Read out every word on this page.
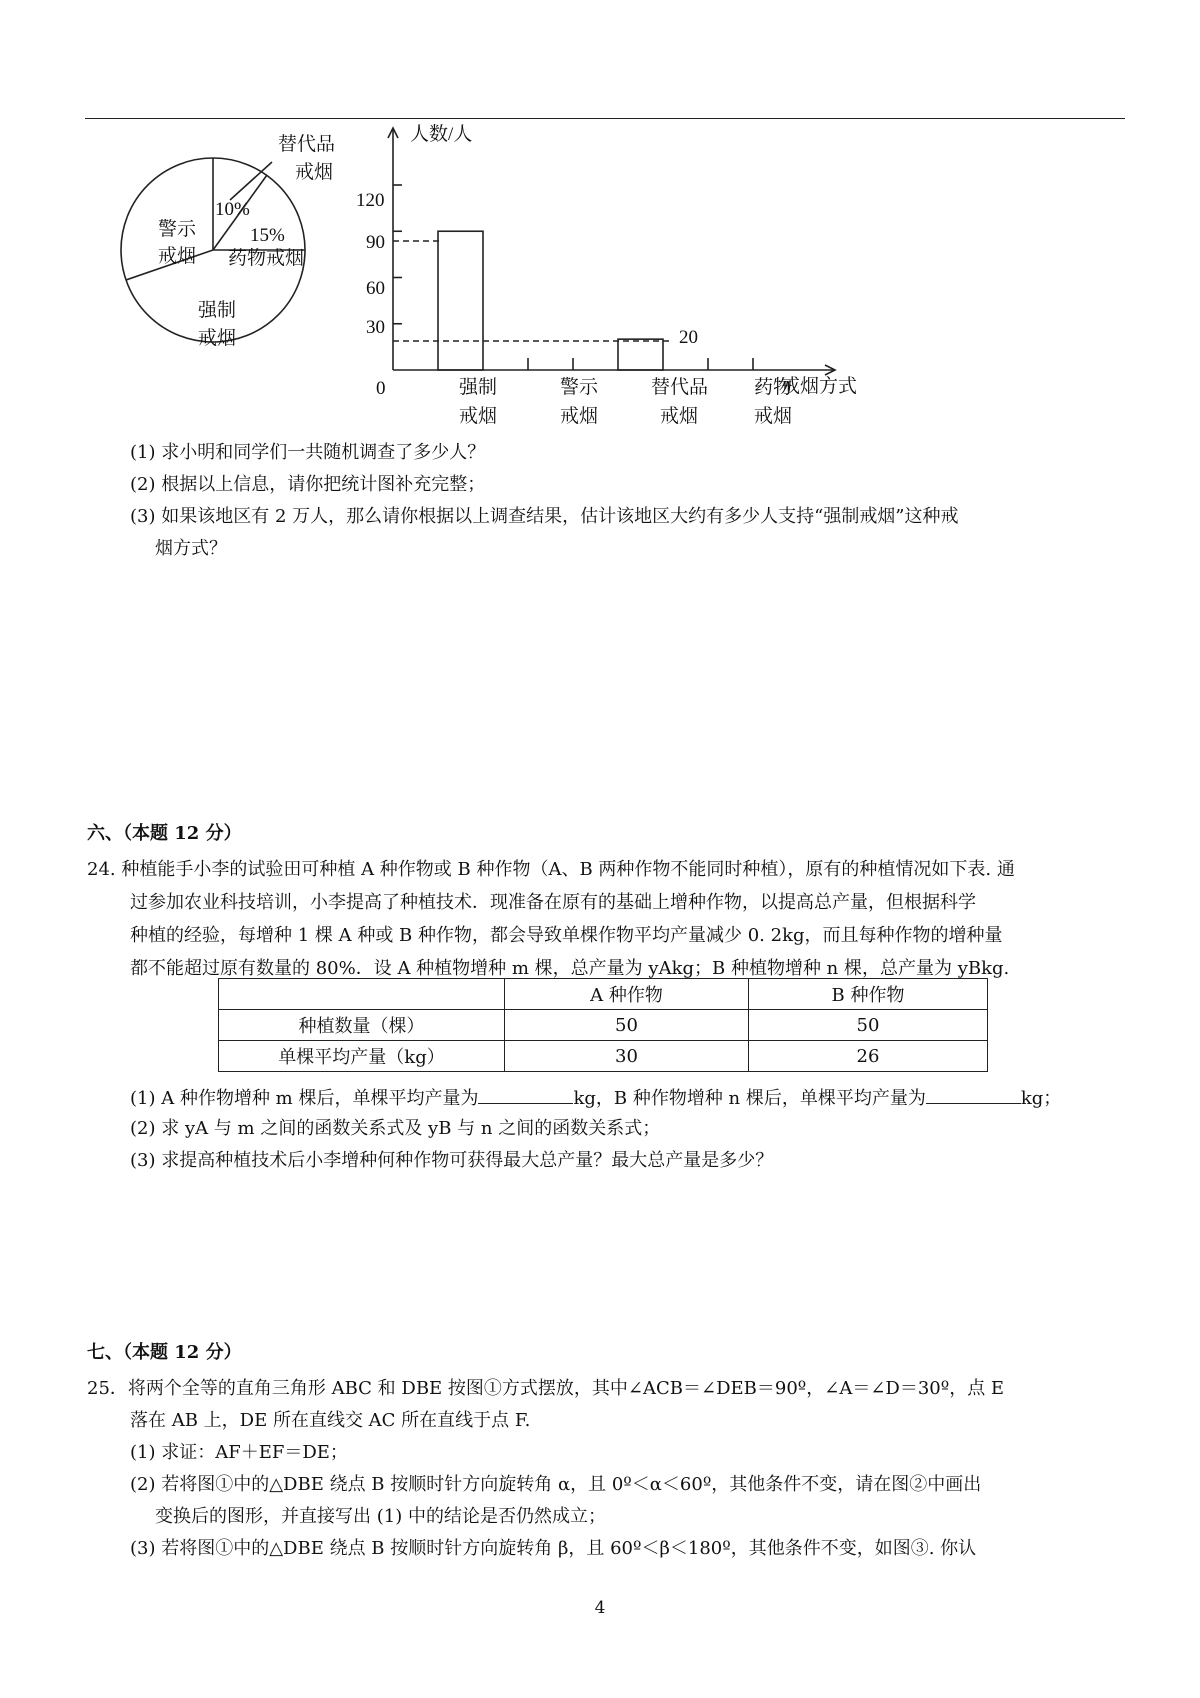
替代品
戒烟
10%
15%
药物戒烟
警示
戒烟
强制
戒烟
人数/人
戒烟方式
0
30
60
90
120
20
强制
戒烟
警示
戒烟
替代品
戒烟
药物
戒烟
(1) 求小明和同学们一共随机调查了多少人？
(2) 根据以上信息，请你把统计图补充完整；
(3) 如果该地区有 2 万人，那么请你根据以上调查结果，估计该地区大约有多少人支持“强制戒烟”这种戒
烟方式？
六、（本题 12 分）
24. 种植能手小李的试验田可种植 A 种作物或 B 种作物（A、B 两种作物不能同时种植），原有的种植情况如下表. 通
过参加农业科技培训，小李提高了种植技术．现准备在原有的基础上增种作物，以提高总产量，但根据科学
种植的经验，每增种 1 棵 A 种或 B 种作物，都会导致单棵作物平均产量减少 0. 2kg，而且每种作物的增种量
都不能超过原有数量的 80%．设 A 种植物增种 m 棵，总产量为 yAkg；B 种植物增种 n 棵，总产量为 yBkg.
	A 种作物	B 种作物
种植数量（棵）	50	50
单棵平均产量（kg）	30	26
(1) A 种作物增种 m 棵后，单棵平均产量为	kg，B 种作物增种 n 棵后，单棵平均产量为	kg；
(2) 求 yA 与 m 之间的函数关系式及 yB 与 n 之间的函数关系式；
(3) 求提高种植技术后小李增种何种作物可获得最大总产量？最大总产量是多少？
七、（本题 12 分）
25．将两个全等的直角三角形 ABC 和 DBE 按图①方式摆放，其中∠ACB＝∠DEB＝90º，∠A＝∠D＝30º，点 E
落在 AB 上，DE 所在直线交 AC 所在直线于点 F.
(1) 求证：AF＋EF＝DE；
(2) 若将图①中的△DBE 绕点 B 按顺时针方向旋转角 α，且 0º＜α＜60º，其他条件不变，请在图②中画出
变换后的图形，并直接写出 (1) 中的结论是否仍然成立；
(3) 若将图①中的△DBE 绕点 B 按顺时针方向旋转角 β，且 60º＜β＜180º，其他条件不变，如图③. 你认
4
